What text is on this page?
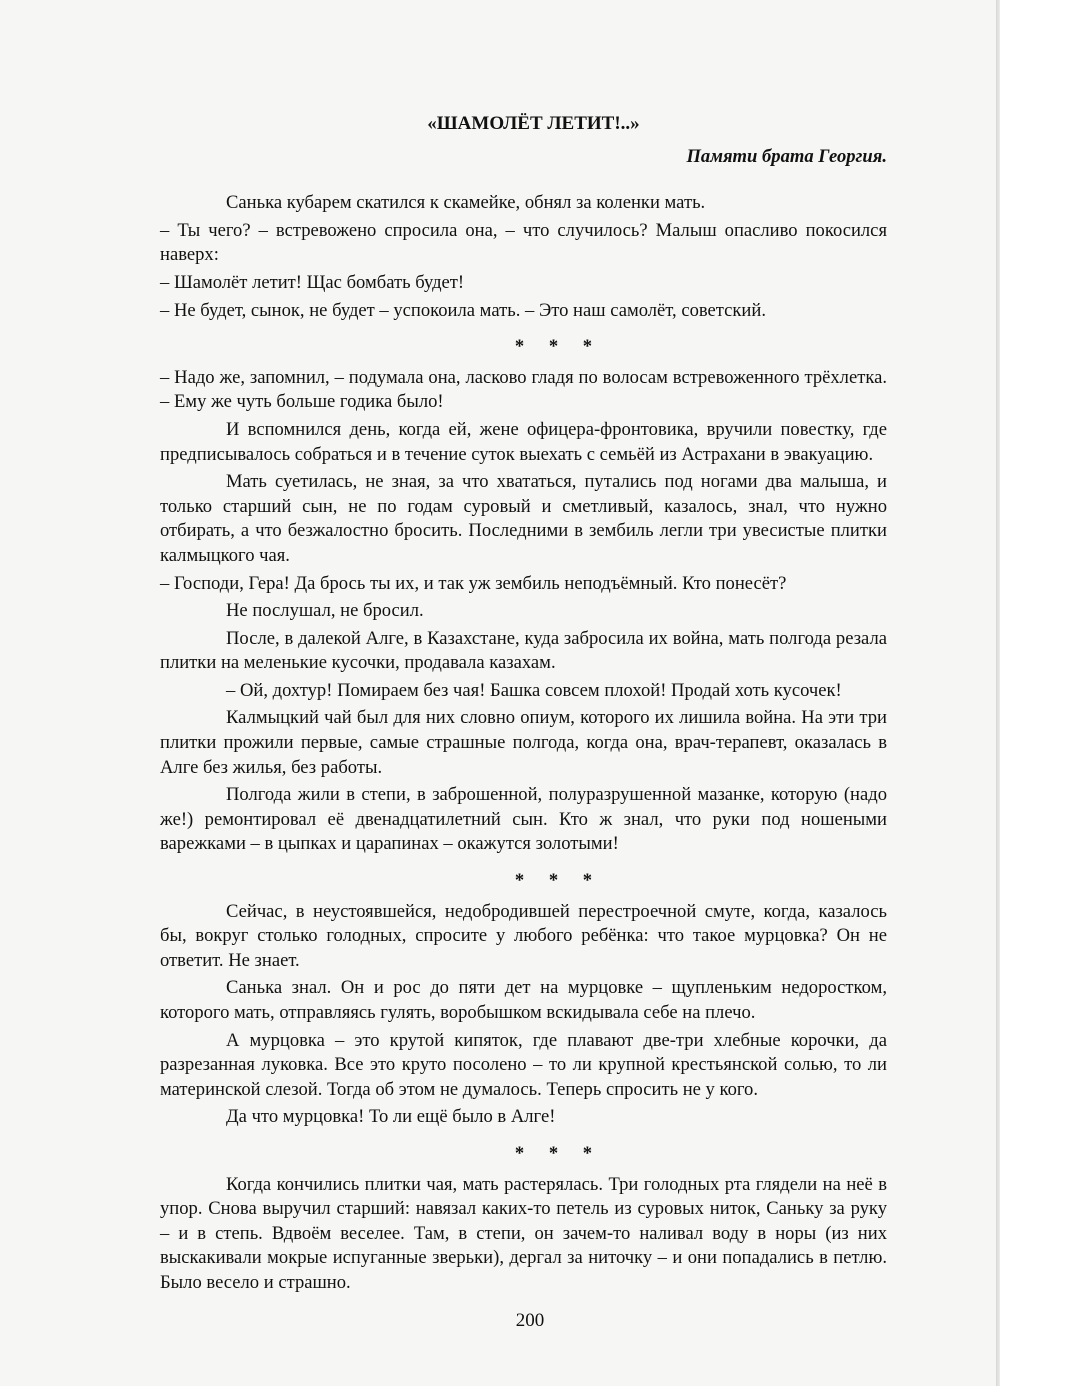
«ШАМОЛЁТ ЛЕТИТ!..»
Памяти брата Георгия.

Санька кубарем скатился к скамейке, обнял за коленки мать.

– Ты чего? – встревожено спросила она, – что случилось? Малыш опасливо покосился наверх:

– Шамолёт летит! Щас бомбать будет!

– Не будет, сынок, не будет – успокоила мать. – Это наш самолёт, советский.

* * *

– Надо же, запомнил, – подумала она, ласково гладя по волосам встревоженного трёхлетка. – Ему же чуть больше годика было!

И вспомнился день, когда ей, жене офицера-фронтовика, вручили повестку, где предписывалось собраться и в течение суток выехать с семьёй из Астрахани в эвакуацию.

Мать суетилась, не зная, за что хвататься, путались под ногами два малыша, и только старший сын, не по годам суровый и сметливый, казалось, знал, что нужно отбирать, а что безжалостно бросить. Последними в зембиль легли три увесистые плитки калмыцкого чая.

– Господи, Гера! Да брось ты их, и так уж зембиль неподъёмный. Кто понесёт?

Не послушал, не бросил.

После, в далекой Алге, в Казахстане, куда забросила их война, мать полгода резала плитки на меленькие кусочки, продавала казахам.

– Ой, дохтур! Помираем без чая! Башка совсем плохой! Продай хоть кусочек!

Калмыцкий чай был для них словно опиум, которого их лишила война. На эти три плитки прожили первые, самые страшные полгода, когда она, врач-терапевт, оказалась в Алге без жилья, без работы.

Полгода жили в степи, в заброшенной, полуразрушенной мазанке, которую (надо же!) ремонтировал её двенадцатилетний сын. Кто ж знал, что руки под ношеными варежками – в цыпках и царапинах – окажутся золотыми!

* * *

Сейчас, в неустоявшейся, недобродившей перестроечной смуте, когда, казалось бы, вокруг столько голодных, спросите у любого ребёнка: что такое мурцовка? Он не ответит. Не знает.

Санька знал. Он и рос до пяти дет на мурцовке – щупленьким недоростком, которого мать, отправляясь гулять, воробышком вскидывала себе на плечо.

А мурцовка – это крутой кипяток, где плавают две-три хлебные корочки, да разрезанная луковка. Все это круто посолено – то ли крупной крестьянской солью, то ли материнской слезой. Тогда об этом не думалось. Теперь спросить не у кого.

Да что мурцовка! То ли ещё было в Алге!

* * *

Когда кончились плитки чая, мать растерялась. Три голодных рта глядели на неё в упор. Снова выручил старший: навязал каких-то петель из суровых ниток, Саньку за руку – и в степь. Вдвоём веселее. Там, в степи, он зачем-то наливал воду в норы (из них выскакивали мокрые испуганные зверьки), дергал за ниточку – и они попадались в петлю. Было весело и страшно.

200
